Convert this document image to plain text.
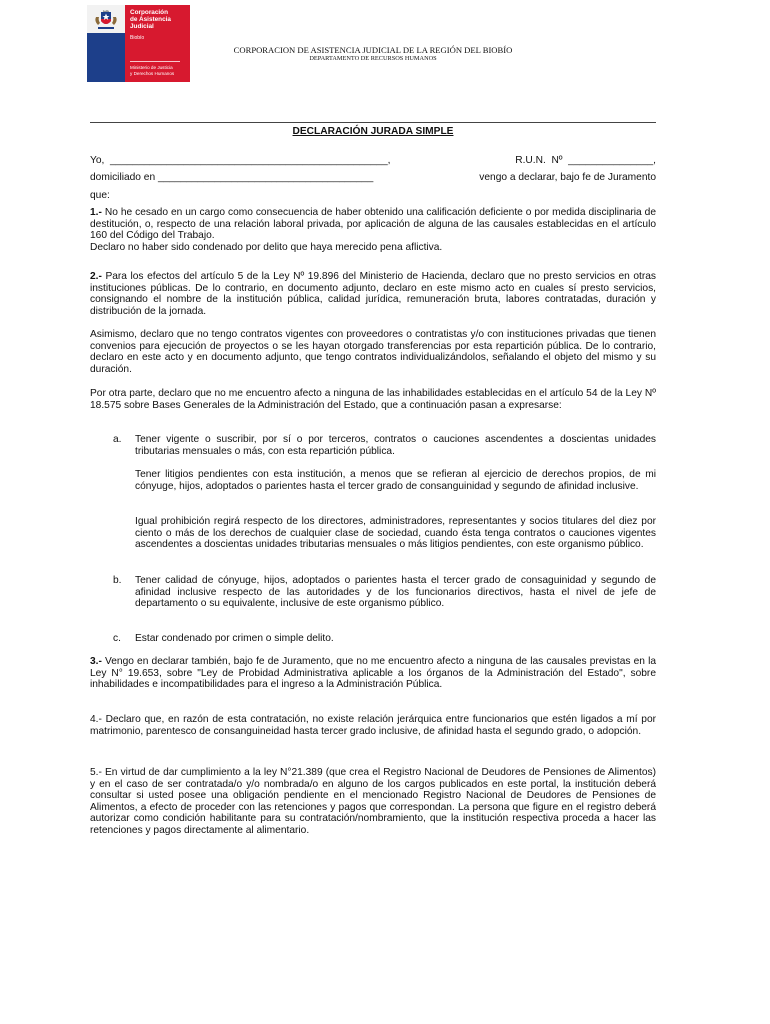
Corporación
de Asistencia
Judicial
Biobío
Ministerio de Justicia
y Derechos Humanos
CORPORACION DE ASISTENCIA JUDICIAL DE LA REGIÓN DEL BIOBÍO
DEPARTAMENTO DE RECURSOS HUMANOS
DECLARACIÓN JURADA SIMPLE
Yo,  _________________________________________________,	R.U.N.  Nº  _______________,
domiciliado en ______________________________________	vengo a declarar, bajo fe de Juramento
que:

1.- No he cesado en un cargo como consecuencia de haber obtenido una calificación deficiente o por medida disciplinaria de destitución, o, respecto de una relación laboral privada, por aplicación de alguna de las causales establecidas en el artículo 160 del Código del Trabajo.
Declaro no haber sido condenado por delito que haya merecido pena aflictiva.

2.- Para los efectos del artículo 5 de la Ley Nº 19.896 del Ministerio de Hacienda, declaro que no presto servicios en otras instituciones públicas. De lo contrario, en documento adjunto, declaro en este mismo acto en cuales sí presto servicios, consignando el nombre de la institución pública, calidad jurídica, remuneración bruta, labores contratadas, duración y distribución de la jornada.

Asimismo, declaro que no tengo contratos vigentes con proveedores o contratistas y/o con instituciones privadas que tienen convenios para ejecución de proyectos o se les hayan otorgado transferencias por esta repartición pública. De lo contrario, declaro en este acto y en documento adjunto, que tengo contratos individualizándolos, señalando el objeto del mismo y su duración.

Por otra parte, declaro que no me encuentro afecto a ninguna de las inhabilidades establecidas en el artículo 54 de la Ley Nº 18.575 sobre Bases Generales de la Administración del Estado, que a continuación pasan a expresarse:

a. Tener vigente o suscribir, por sí o por terceros, contratos o cauciones ascendentes a doscientas unidades tributarias mensuales o más, con esta repartición pública.

Tener litigios pendientes con esta institución, a menos que se refieran al ejercicio de derechos propios, de mi cónyuge, hijos, adoptados o parientes hasta el tercer grado de consanguinidad y segundo de afinidad inclusive.

Igual prohibición regirá respecto de los directores, administradores, representantes y socios titulares del diez por ciento o más de los derechos de cualquier clase de sociedad, cuando ésta tenga contratos o cauciones vigentes ascendentes a doscientas unidades tributarias mensuales o más litigios pendientes, con este organismo público.

b. Tener calidad de cónyuge, hijos, adoptados o parientes hasta el tercer grado de consaguinidad y segundo de afinidad inclusive respecto de las autoridades y de los funcionarios directivos, hasta el nivel de jefe de departamento o su equivalente, inclusive de este organismo público.

c. Estar condenado por crimen o simple delito.

3.- Vengo en declarar también, bajo fe de Juramento, que no me encuentro afecto a ninguna de las causales previstas en la Ley N° 19.653, sobre "Ley de Probidad Administrativa aplicable a los órganos de la Administración del Estado", sobre inhabilidades e incompatibilidades para el ingreso a la Administración Pública.

4.- Declaro que, en razón de esta contratación, no existe relación jerárquica entre funcionarios que estén ligados a mí por matrimonio, parentesco de consanguineidad hasta tercer grado inclusive, de afinidad hasta el segundo grado, o adopción.

5.- En virtud de dar cumplimiento a la ley N°21.389 (que crea el Registro Nacional de Deudores de Pensiones de Alimentos) y en el caso de ser contratada/o y/o nombrada/o en alguno de los cargos publicados en este portal, la institución deberá consultar si usted posee una obligación pendiente en el mencionado Registro Nacional de Deudores de Pensiones de Alimentos, a efecto de proceder con las retenciones y pagos que correspondan. La persona que figure en el registro deberá autorizar como condición habilitante para su contratación/nombramiento, que la institución respectiva proceda a hacer las retenciones y pagos directamente al alimentario.
